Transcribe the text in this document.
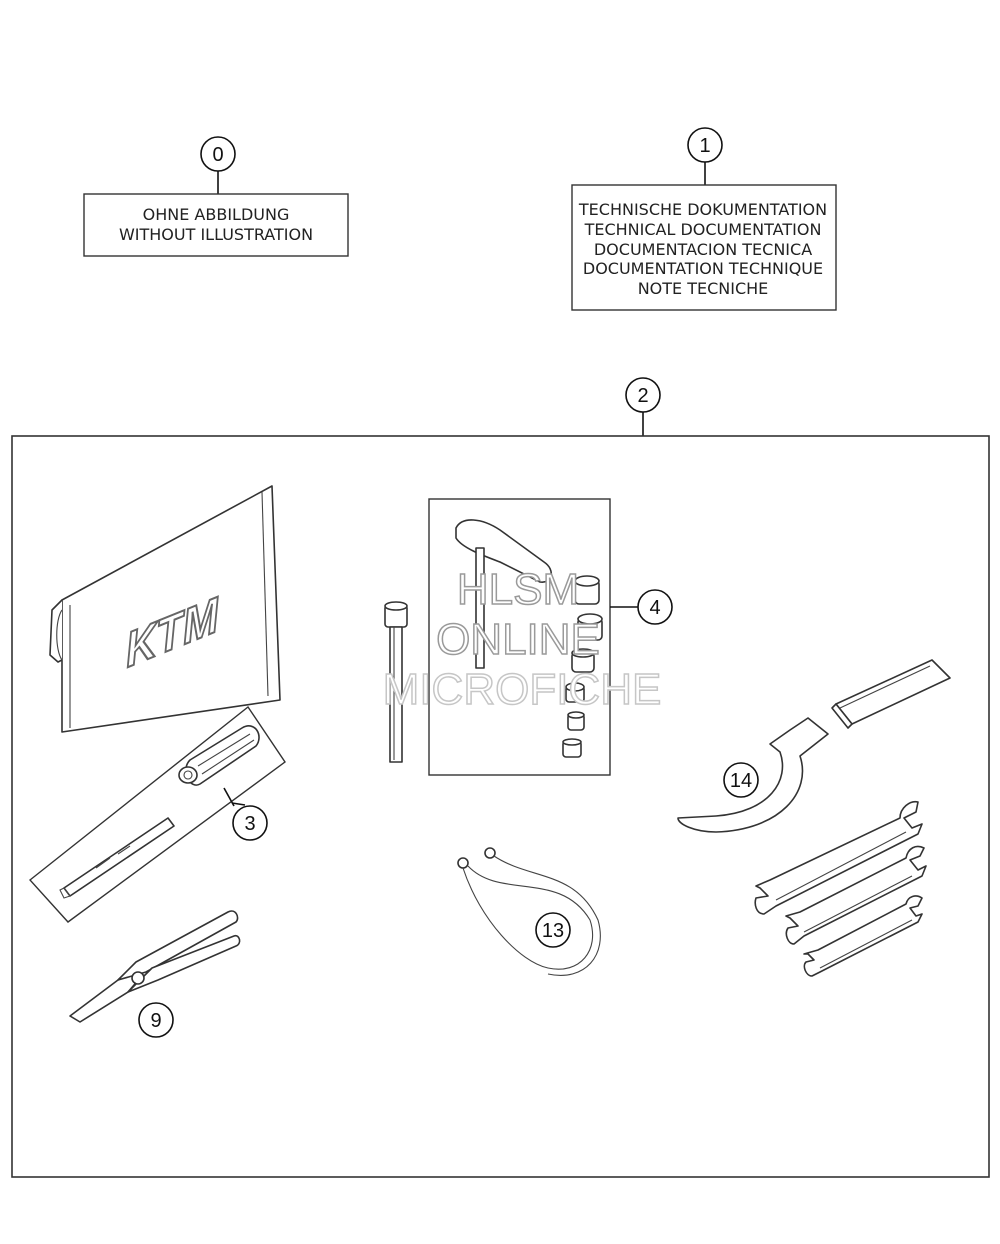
0
OHNE ABBILDUNG
WITHOUT ILLUSTRATION
1
TECHNISCHE DOKUMENTATION
TECHNICAL DOCUMENTATION
DOCUMENTACION TECNICA
DOCUMENTATION TECHNIQUE
NOTE TECNICHE
2
KTM
3
4
14
13
9
HLSM
ONLINE
MICROFICHE
